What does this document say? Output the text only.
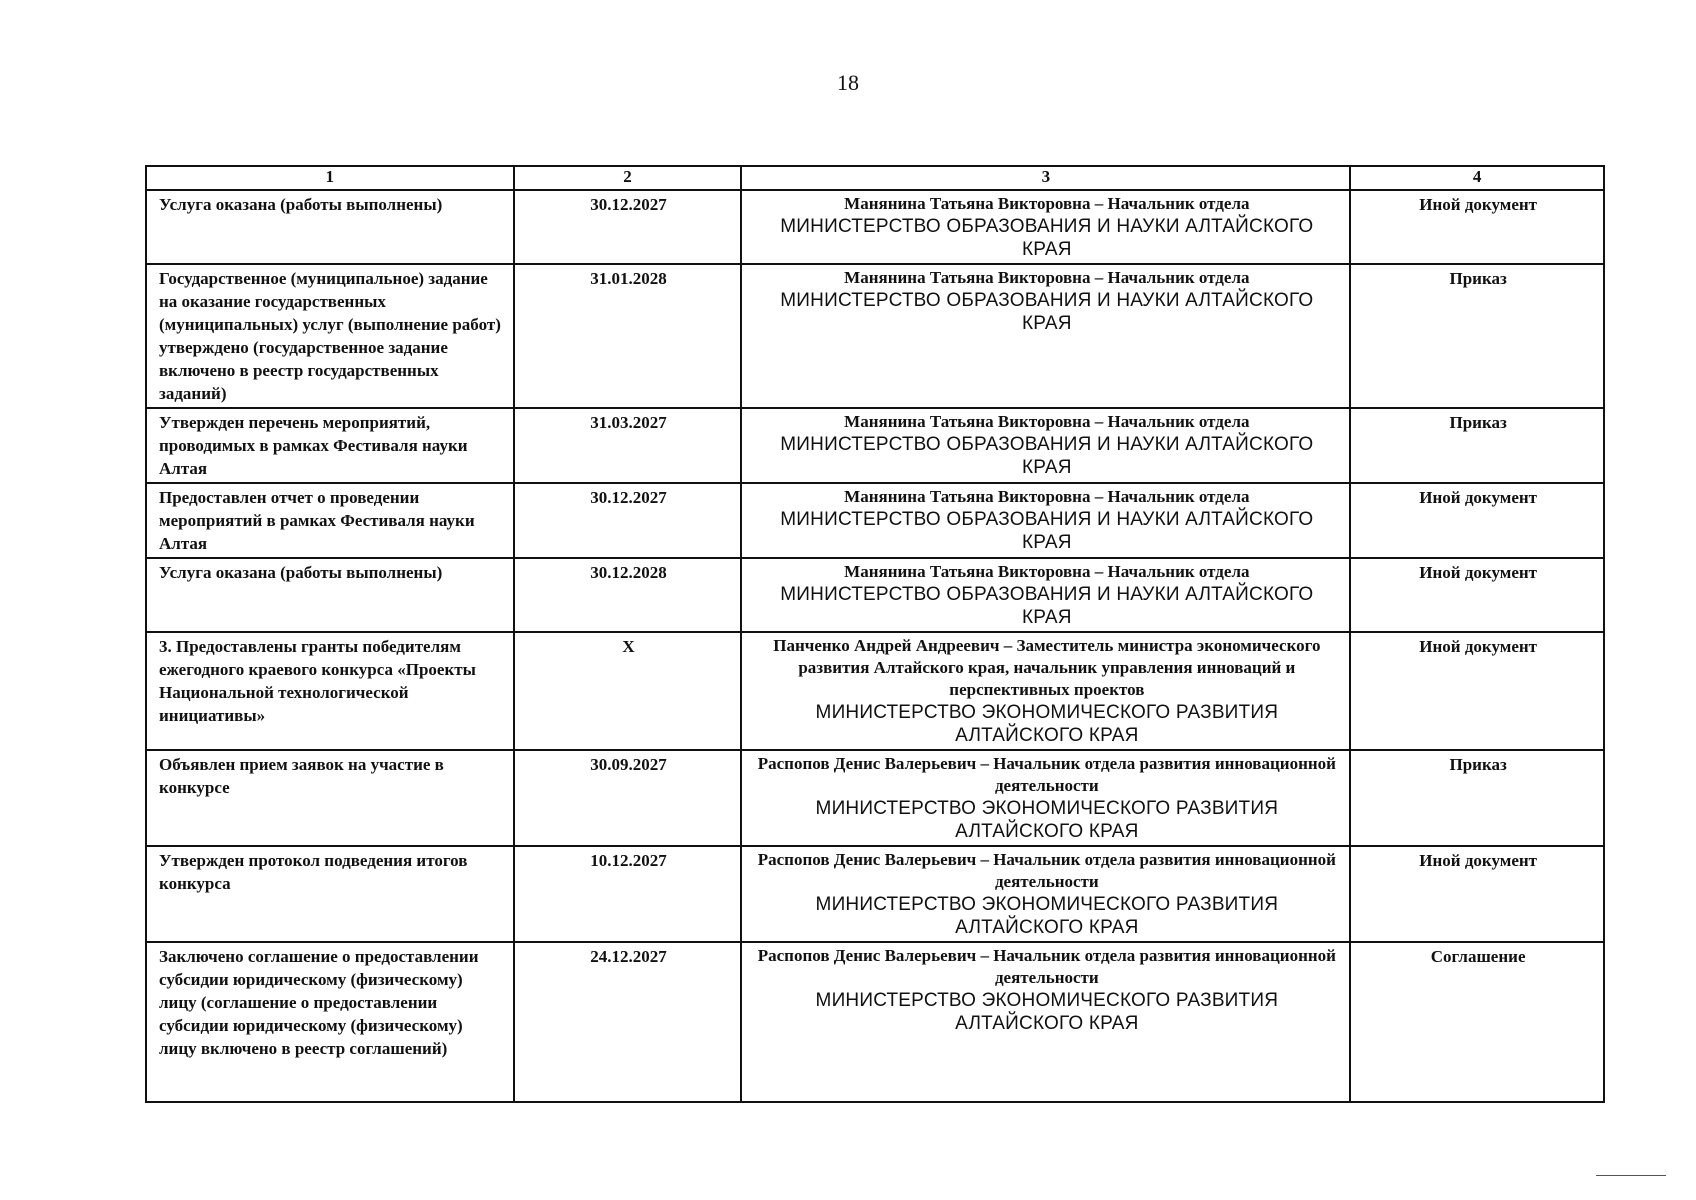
18
1	2	3	4
Услуга оказана (работы выполнены)	30.12.2027	Манянина Татьяна Викторовна – Начальник отдела
МИНИСТЕРСТВО ОБРАЗОВАНИЯ И НАУКИ АЛТАЙСКОГО КРАЯ	Иной документ
Государственное (муниципальное) задание на оказание государственных (муниципальных) услуг (выполнение работ) утверждено (государственное задание включено в реестр государственных заданий)	31.01.2028	Манянина Татьяна Викторовна – Начальник отдела
МИНИСТЕРСТВО ОБРАЗОВАНИЯ И НАУКИ АЛТАЙСКОГО КРАЯ	Приказ
Утвержден перечень мероприятий, проводимых в рамках Фестиваля науки Алтая	31.03.2027	Манянина Татьяна Викторовна – Начальник отдела
МИНИСТЕРСТВО ОБРАЗОВАНИЯ И НАУКИ АЛТАЙСКОГО КРАЯ	Приказ
Предоставлен отчет о проведении мероприятий в рамках Фестиваля науки Алтая	30.12.2027	Манянина Татьяна Викторовна – Начальник отдела
МИНИСТЕРСТВО ОБРАЗОВАНИЯ И НАУКИ АЛТАЙСКОГО КРАЯ	Иной документ
Услуга оказана (работы выполнены)	30.12.2028	Манянина Татьяна Викторовна – Начальник отдела
МИНИСТЕРСТВО ОБРАЗОВАНИЯ И НАУКИ АЛТАЙСКОГО КРАЯ	Иной документ
3. Предоставлены гранты победителям ежегодного краевого конкурса «Проекты Национальной технологической инициативы»	Х	Панченко Андрей Андреевич – Заместитель министра экономического развития Алтайского края, начальник управления инноваций и перспективных проектов
МИНИСТЕРСТВО ЭКОНОМИЧЕСКОГО РАЗВИТИЯ АЛТАЙСКОГО КРАЯ	Иной документ
Объявлен прием заявок на участие в конкурсе	30.09.2027	Распопов Денис Валерьевич – Начальник отдела развития инновационной деятельности
МИНИСТЕРСТВО ЭКОНОМИЧЕСКОГО РАЗВИТИЯ АЛТАЙСКОГО КРАЯ	Приказ
Утвержден протокол подведения итогов конкурса	10.12.2027	Распопов Денис Валерьевич – Начальник отдела развития инновационной деятельности
МИНИСТЕРСТВО ЭКОНОМИЧЕСКОГО РАЗВИТИЯ АЛТАЙСКОГО КРАЯ	Иной документ
Заключено соглашение о предоставлении субсидии юридическому (физическому) лицу (соглашение о предоставлении субсидии юридическому (физическому) лицу включено в реестр соглашений)	24.12.2027	Распопов Денис Валерьевич – Начальник отдела развития инновационной деятельности
МИНИСТЕРСТВО ЭКОНОМИЧЕСКОГО РАЗВИТИЯ АЛТАЙСКОГО КРАЯ	Соглашение
